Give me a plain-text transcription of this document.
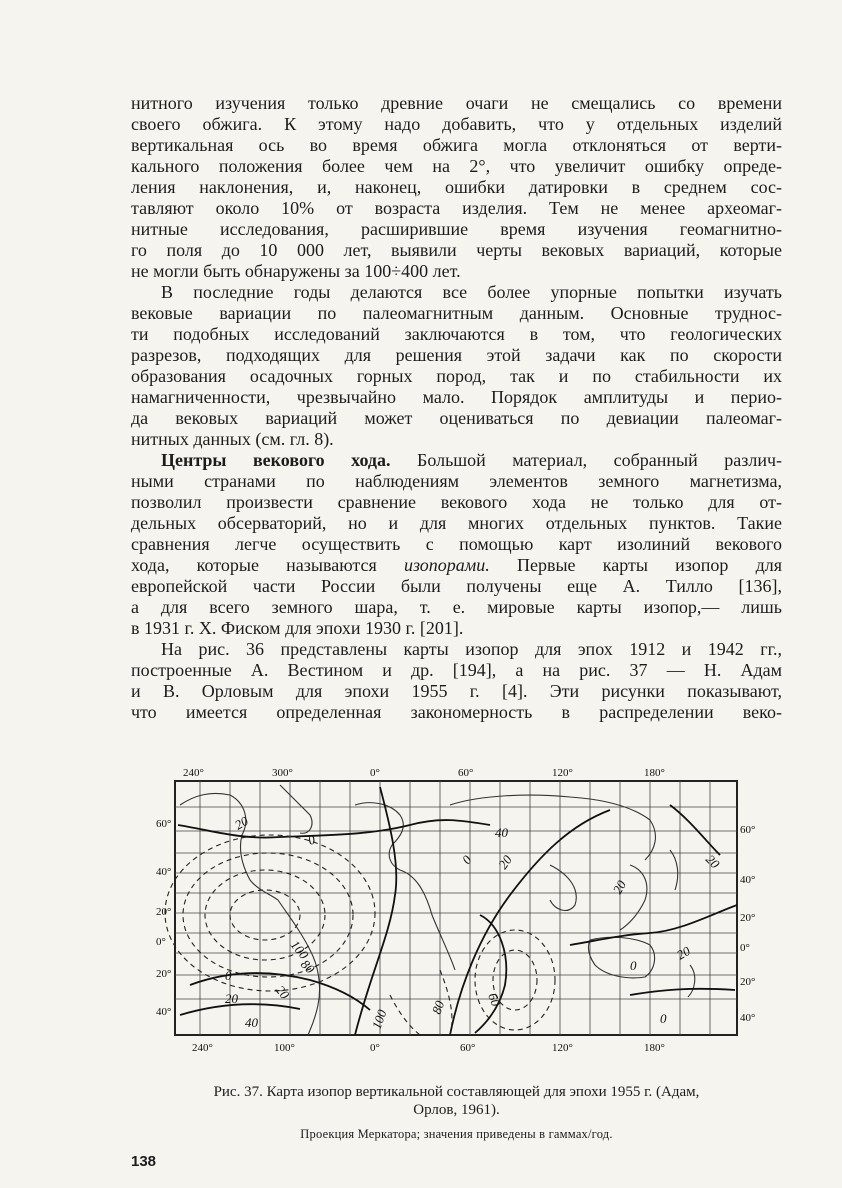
нитного изучения только древние очаги не смещались со времени
своего обжига. К этому надо добавить, что у отдельных изделий
вертикальная ось во время обжига могла отклоняться от верти-
кального положения более чем на 2°, что увеличит ошибку опреде-
ления наклонения, и, наконец, ошибки датировки в среднем сос-
тавляют около 10% от возраста изделия. Тем не менее археомаг-
нитные исследования, расширившие время изучения геомагнитно-
го поля до 10 000 лет, выявили черты вековых вариаций, которые
не могли быть обнаружены за 100÷400 лет.
В последние годы делаются все более упорные попытки изучать
вековые вариации по палеомагнитным данным. Основные труднос-
ти подобных исследований заключаются в том, что геологических
разрезов, подходящих для решения этой задачи как по скорости
образования осадочных горных пород, так и по стабильности их
намагниченности, чрезвычайно мало. Порядок амплитуды и перио-
да вековых вариаций может оцениваться по девиации палеомаг-
нитных данных (см. гл. 8).
Центры векового хода. Большой материал, собранный различ-
ными странами по наблюдениям элементов земного магнетизма,
позволил произвести сравнение векового хода не только для от-
дельных обсерваторий, но и для многих отдельных пунктов. Такие
сравнения легче осуществить с помощью карт изолиний векового
хода, которые называются изопорами. Первые карты изопор для
европейской части России были получены еще А. Тилло [136],
а для всего земного шара, т. е. мировые карты изопор,— лишь
в 1931 г. Х. Фиском для эпохи 1930 г. [201].
На рис. 36 представлены карты изопор для эпох 1912 и 1942 гг.,
построенные А. Вестином и др. [194], а на рис. 37 — Н. Адам
и В. Орловым для эпохи 1955 г. [4]. Эти рисунки показывают,
что имеется определенная закономерность в распределении веко-
20
0	40
20
20
0
100
80
20
0
20
40
60
100
80
0
20
0
20
240°	300°	0°	60°	120°	180°
240°	100°	0°	60°	120°	180°
60°
40°
20°
0°
20°
40°
60°
40°
20°
0°
20°
40°
Рис. 37. Карта изопор вертикальной составляющей для эпохи 1955 г. (Адам,
Орлов, 1961).
Проекция Меркатора; значения приведены в гаммах/год.
138
